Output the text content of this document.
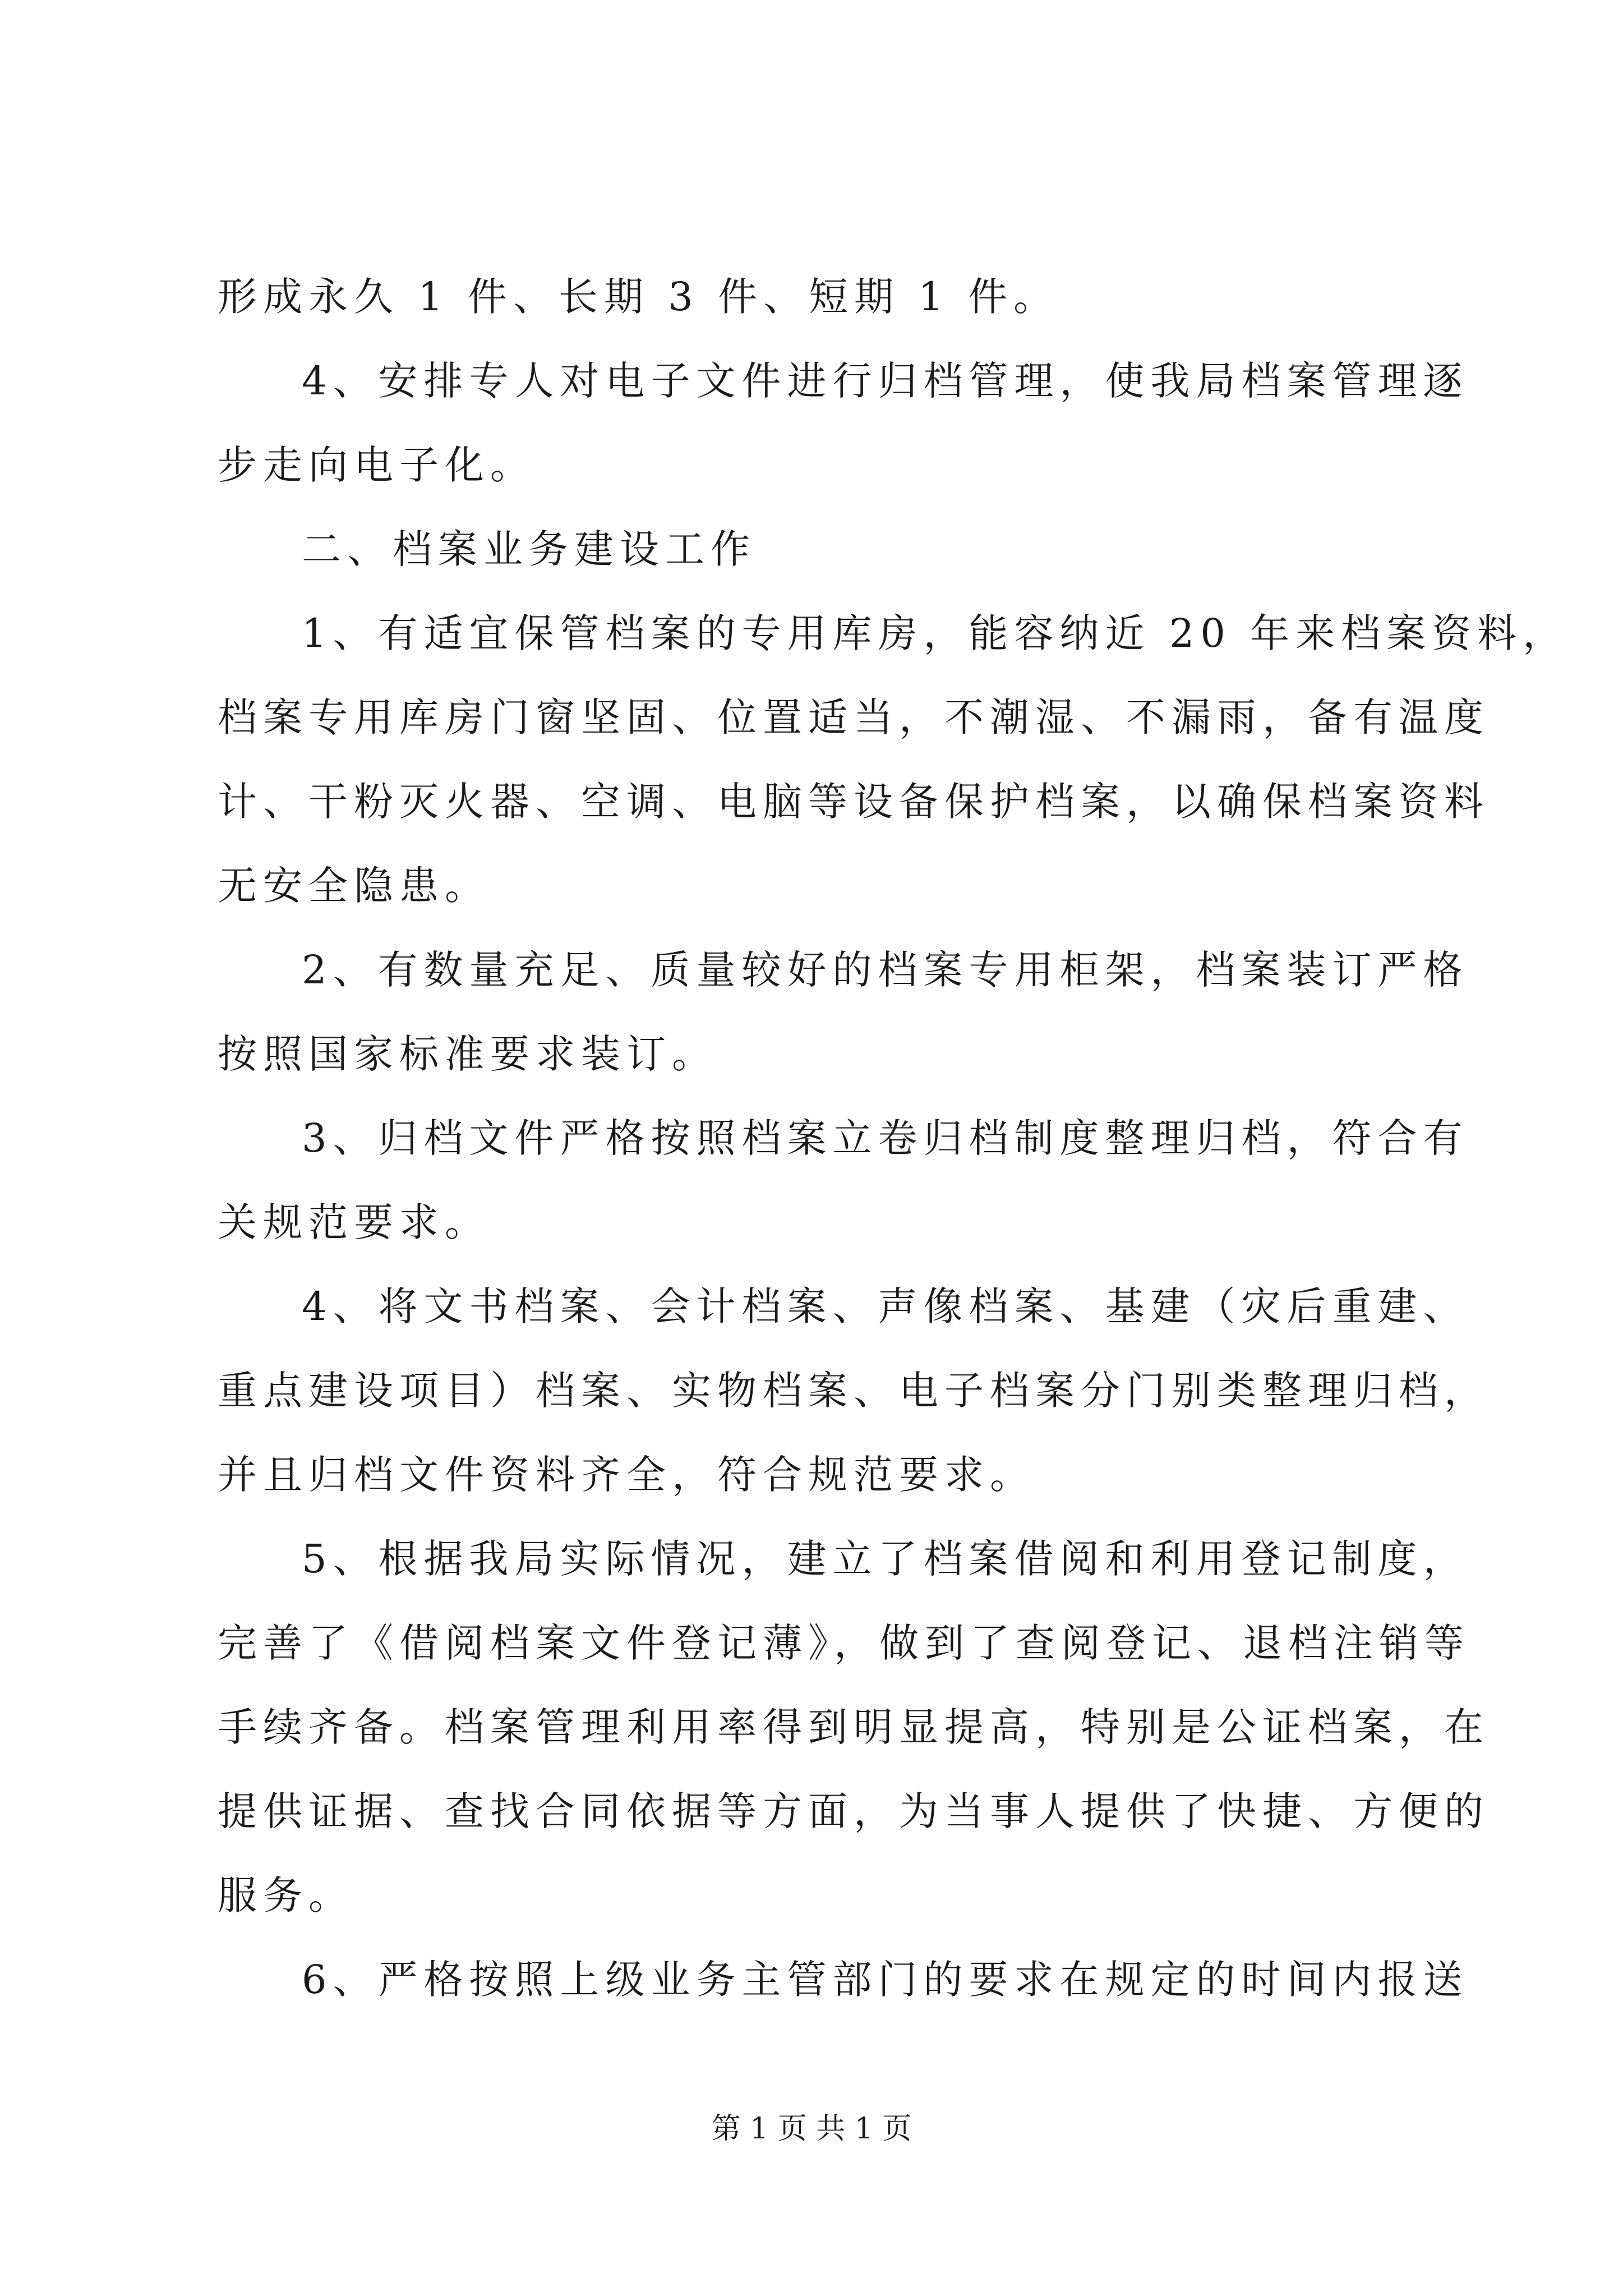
形成永久 1 件、长期 3 件、短期 1 件。
4、安排专人对电子文件进行归档管理，使我局档案管理逐
步走向电子化。
二、档案业务建设工作
1、有适宜保管档案的专用库房，能容纳近 20 年来档案资料，
档案专用库房门窗坚固、位置适当，不潮湿、不漏雨，备有温度
计、干粉灭火器、空调、电脑等设备保护档案，以确保档案资料
无安全隐患。
2、有数量充足、质量较好的档案专用柜架，档案装订严格
按照国家标准要求装订。
3、归档文件严格按照档案立卷归档制度整理归档，符合有
关规范要求。
4、将文书档案、会计档案、声像档案、基建（灾后重建、
重点建设项目）档案、实物档案、电子档案分门别类整理归档，
并且归档文件资料齐全，符合规范要求。
5、根据我局实际情况，建立了档案借阅和利用登记制度，
完善了《借阅档案文件登记薄》，做到了查阅登记、退档注销等
手续齐备。档案管理利用率得到明显提高，特别是公证档案，在
提供证据、查找合同依据等方面，为当事人提供了快捷、方便的
服务。
6、严格按照上级业务主管部门的要求在规定的时间内报送
第 1 页 共 1 页
